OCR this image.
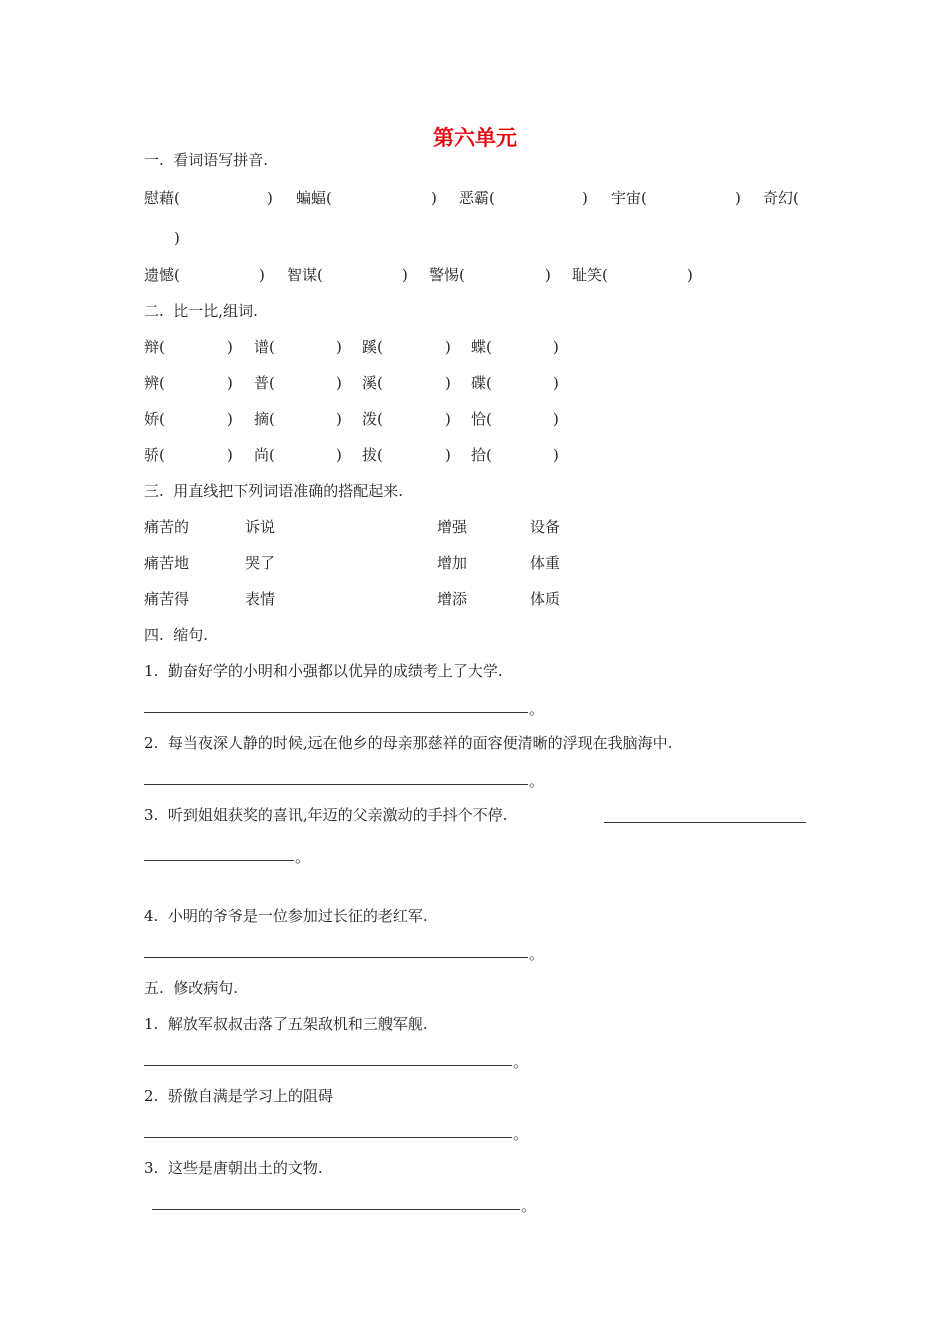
第六单元
一.  看词语写拼音.
慰藉(	) 蝙蝠(	) 恶霸(	) 宇宙(	) 奇幻(
)
遗憾(	) 智谋(	) 警惕(	) 耻笑(	)
二.  比一比,组词.
辩(	) 谱(	) 蹊(	) 蝶(	)
辨(	) 普(	) 溪(	) 碟(	)
娇(	) 摘(	) 泼(	) 恰(	)
骄(	) 尚(	) 拔(	) 拾(	)
三.  用直线把下列词语准确的搭配起来.
痛苦的	诉说	增强	设备
痛苦地	哭了	增加	体重
痛苦得	表情	增添	体质
四.  缩句.
1.  勤奋好学的小明和小强都以优异的成绩考上了大学.
。
2.  每当夜深人静的时候,远在他乡的母亲那慈祥的面容便清晰的浮现在我脑海中.
。
3.  听到姐姐获奖的喜讯,年迈的父亲激动的手抖个不停.
。
4.  小明的爷爷是一位参加过长征的老红军.
。
五.  修改病句.
1.  解放军叔叔击落了五架敌机和三艘军舰.
。
2.  骄傲自满是学习上的阻碍
。
3.  这些是唐朝出土的文物.
。
